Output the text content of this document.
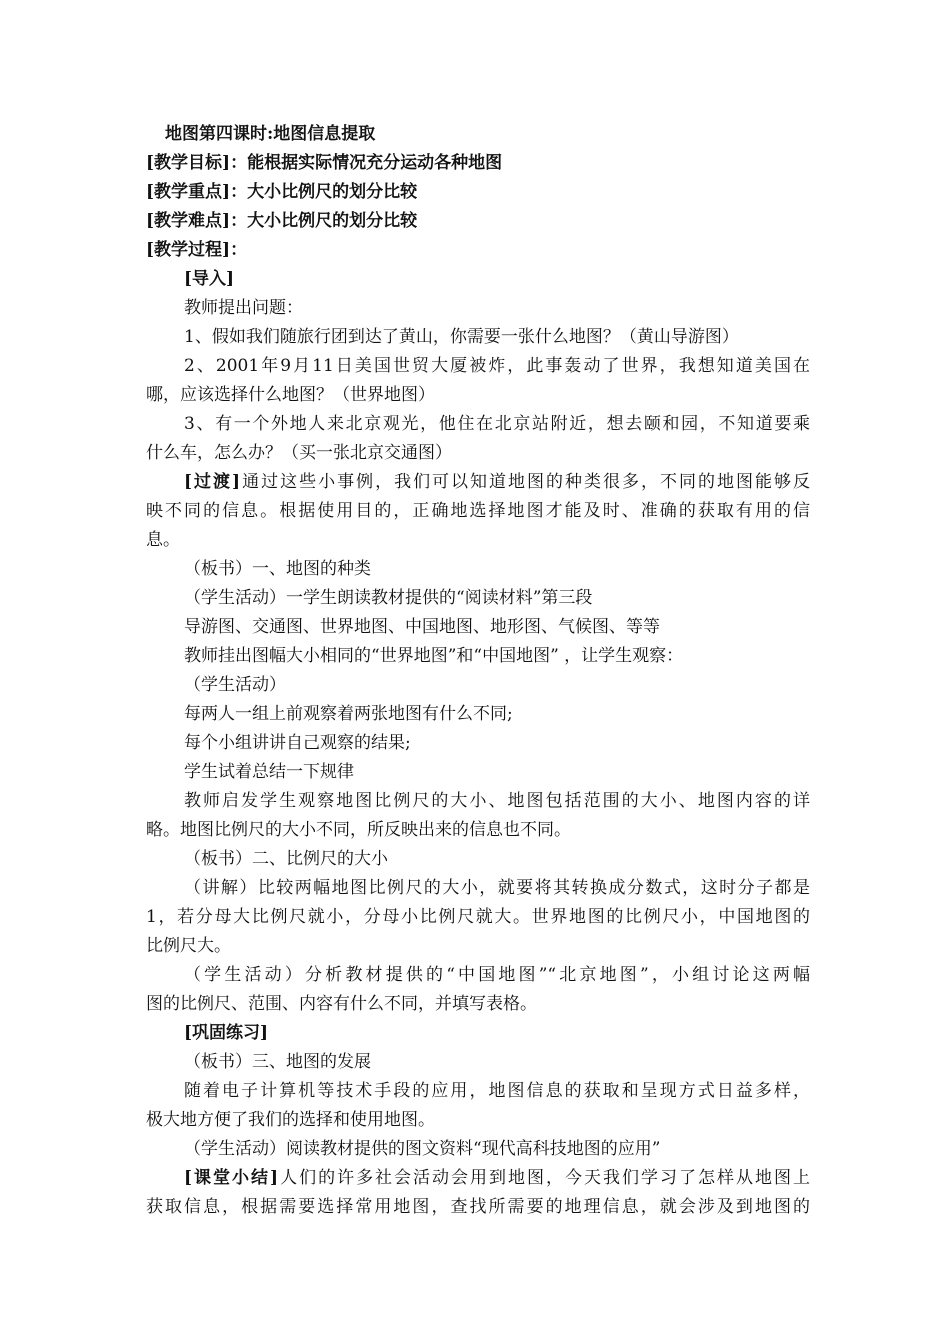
地图第四课时:地图信息提取
[教学目标]：能根据实际情况充分运动各种地图
[教学重点]：大小比例尺的划分比较
[教学难点]：大小比例尺的划分比较
[教学过程]：
[导入]
教师提出问题：
1、假如我们随旅行团到达了黄山，你需要一张什么地图？（黄山导游图）
2、2001年9月11日美国世贸大厦被炸，此事轰动了世界，我想知道美国在
哪，应该选择什么地图？（世界地图）
3、有一个外地人来北京观光，他住在北京站附近，想去颐和园，不知道要乘
什么车，怎么办？（买一张北京交通图）
[过渡]通过这些小事例，我们可以知道地图的种类很多，不同的地图能够反
映不同的信息。根据使用目的，正确地选择地图才能及时、准确的获取有用的信
息。
（板书）一、地图的种类
（学生活动）一学生朗读教材提供的“阅读材料”第三段
导游图、交通图、世界地图、中国地图、地形图、气候图、等等
教师挂出图幅大小相同的“世界地图”和“中国地图” ，让学生观察：
（学生活动）
每两人一组上前观察着两张地图有什么不同;
每个小组讲讲自己观察的结果;
学生试着总结一下规律
教师启发学生观察地图比例尺的大小、地图包括范围的大小、地图内容的详
略。地图比例尺的大小不同，所反映出来的信息也不同。
（板书）二、比例尺的大小
（讲解）比较两幅地图比例尺的大小，就要将其转换成分数式，这时分子都是
1，若分母大比例尺就小，分母小比例尺就大。世界地图的比例尺小，中国地图的
比例尺大。
（学生活动）分析教材提供的“中国地图”“北京地图”，小组讨论这两幅
图的比例尺、范围、内容有什么不同，并填写表格。
[巩固练习]
（板书）三、地图的发展
随着电子计算机等技术手段的应用，地图信息的获取和呈现方式日益多样，
极大地方便了我们的选择和使用地图。
（学生活动）阅读教材提供的图文资料“现代高科技地图的应用”
[课堂小结]人们的许多社会活动会用到地图，今天我们学习了怎样从地图上
获取信息，根据需要选择常用地图，查找所需要的地理信息，就会涉及到地图的
